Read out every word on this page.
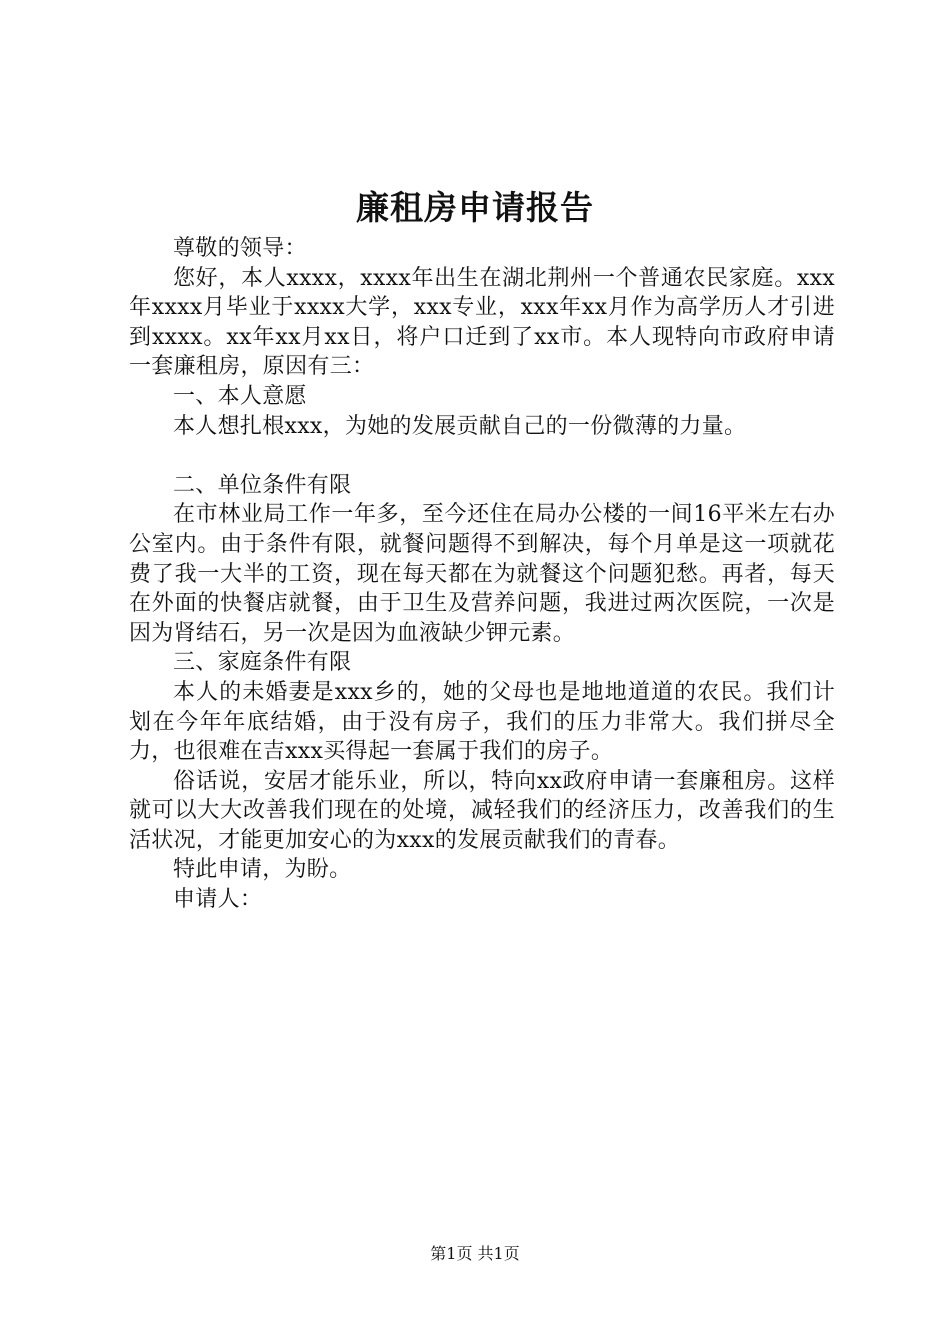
廉租房申请报告

尊敬的领导：

您好，本人xxxx，xxxx年出生在湖北荆州一个普通农民家庭。xxx年xxxx月毕业于xxxx大学，xxx专业，xxx年xx月作为高学历人才引进到xxxx。xx年xx月xx日，将户口迁到了xx市。本人现特向市政府申请一套廉租房，原因有三：

一、本人意愿

本人想扎根xxx，为她的发展贡献自己的一份微薄的力量。

二、单位条件有限

在市林业局工作一年多，至今还住在局办公楼的一间16平米左右办公室内。由于条件有限，就餐问题得不到解决，每个月单是这一项就花费了我一大半的工资，现在每天都在为就餐这个问题犯愁。再者，每天在外面的快餐店就餐，由于卫生及营养问题，我进过两次医院，一次是因为肾结石，另一次是因为血液缺少钾元素。

三、家庭条件有限

本人的未婚妻是xxx乡的，她的父母也是地地道道的农民。我们计划在今年年底结婚，由于没有房子，我们的压力非常大。我们拼尽全力，也很难在吉xxx买得起一套属于我们的房子。

俗话说，安居才能乐业，所以，特向xx政府申请一套廉租房。这样就可以大大改善我们现在的处境，减轻我们的经济压力，改善我们的生活状况，才能更加安心的为xxx的发展贡献我们的青春。

特此申请，为盼。

申请人：

第1页 共1页
